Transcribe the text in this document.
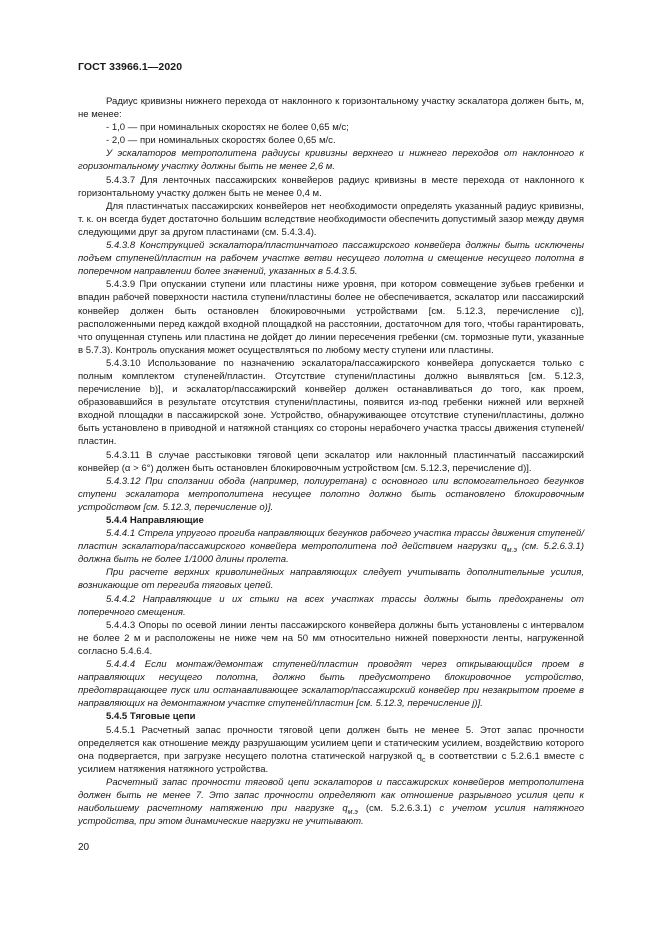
ГОСТ 33966.1—2020

Радиус кривизны нижнего перехода от наклонного к горизонтальному участку эскалатора должен быть, м, не менее:

- 1,0 — при номинальных скоростях не более 0,65 м/с;

- 2,0 — при номинальных скоростях более 0,65 м/с.

У эскалаторов метрополитена радиусы кривизны верхнего и нижнего переходов от наклонного к горизонтальному участку должны быть не менее 2,6 м.

5.4.3.7 Для ленточных пассажирских конвейеров радиус кривизны в месте перехода от наклонного к горизонтальному участку должен быть не менее 0,4 м.

Для пластинчатых пассажирских конвейеров нет необходимости определять указанный радиус кривизны, т. к. он всегда будет достаточно большим вследствие необходимости обеспечить допустимый зазор между двумя следующими друг за другом пластинами (см. 5.4.3.4).

5.4.3.8 Конструкцией эскалатора/пластинчатого пассажирского конвейера должны быть исключены подъем ступеней/пластин на рабочем участке ветви несущего полотна и смещение несущего полотна в поперечном направлении более значений, указанных в 5.4.3.5.

5.4.3.9 При опускании ступени или пластины ниже уровня, при котором совмещение зубьев гребенки и впадин рабочей поверхности настила ступени/пластины более не обеспечивается, эскалатор или пассажирский конвейер должен быть остановлен блокировочными устройствами [см. 5.12.3, перечисление с)], расположенными перед каждой входной площадкой на расстоянии, достаточном для того, чтобы гарантировать, что опущенная ступень или пластина не дойдет до линии пересечения гребенки (см. тормозные пути, указанные в 5.7.3). Контроль опускания может осуществляться по любому месту ступени или пластины.

5.4.3.10 Использование по назначению эскалатора/пассажирского конвейера допускается только с полным комплектом ступеней/пластин. Отсутствие ступени/пластины должно выявляться [см. 5.12.3, перечисление b)], и эскалатор/пассажирский конвейер должен останавливаться до того, как проем, образовавшийся в результате отсутствия ступени/пластины, появится из-под гребенки нижней или верхней входной площадки в пассажирской зоне. Устройство, обнаруживающее отсутствие ступени/пластины, должно быть установлено в приводной и натяжной станциях со стороны нерабочего участка трассы движения ступеней/пластин.

5.4.3.11 В случае расстыковки тяговой цепи эскалатор или наклонный пластинчатый пассажирский конвейер (α > 6°) должен быть остановлен блокировочным устройством [см. 5.12.3, перечисление d)].

5.4.3.12 При сползании обода (например, полиуретана) с основного или вспомогательного бегунков ступени эскалатора метрополитена несущее полотно должно быть остановлено блокировочным устройством [см. 5.12.3, перечисление о)].

5.4.4 Направляющие

5.4.4.1 Стрела упругого прогиба направляющих бегунков рабочего участка трассы движения ступеней/пластин эскалатора/пассажирского конвейера метрополитена под действием нагрузки $q_{м.э}$ (см. 5.2.6.3.1) должна быть не более 1/1000 длины пролета.

При расчете верхних криволинейных направляющих следует учитывать дополнительные усилия, возникающие от перегиба тяговых цепей.

5.4.4.2 Направляющие и их стыки на всех участках трассы должны быть предохранены от поперечного смещения.

5.4.4.3 Опоры по осевой линии ленты пассажирского конвейера должны быть установлены с интервалом не более 2 м и расположены не ниже чем на 50 мм относительно нижней поверхности ленты, нагруженной согласно 5.4.6.4.

5.4.4.4 Если монтаж/демонтаж ступеней/пластин проводят через открывающийся проем в направляющих несущего полотна, должно быть предусмотрено блокировочное устройство, предотвращающее пуск или останавливающее эскалатор/пассажирский конвейер при незакрытом проеме в направляющих на демонтажном участке ступеней/пластин [см. 5.12.3, перечисление j)].

5.4.5 Тяговые цепи

5.4.5.1 Расчетный запас прочности тяговой цепи должен быть не менее 5. Этот запас прочности определяется как отношение между разрушающим усилием цепи и статическим усилием, воздействию которого она подвергается, при загрузке несущего полотна статической нагрузкой $q_c$ в соответствии с 5.2.6.1 вместе с усилием натяжения натяжного устройства.

Расчетный запас прочности тяговой цепи эскалаторов и пассажирских конвейеров метрополитена должен быть не менее 7. Это запас прочности определяют как отношение разрывного усилия цепи к наибольшему расчетному натяжению при нагрузке $q_{м.э}$ (см. 5.2.6.3.1) с учетом усилия натяжного устройства, при этом динамические нагрузки не учитывают.

20
